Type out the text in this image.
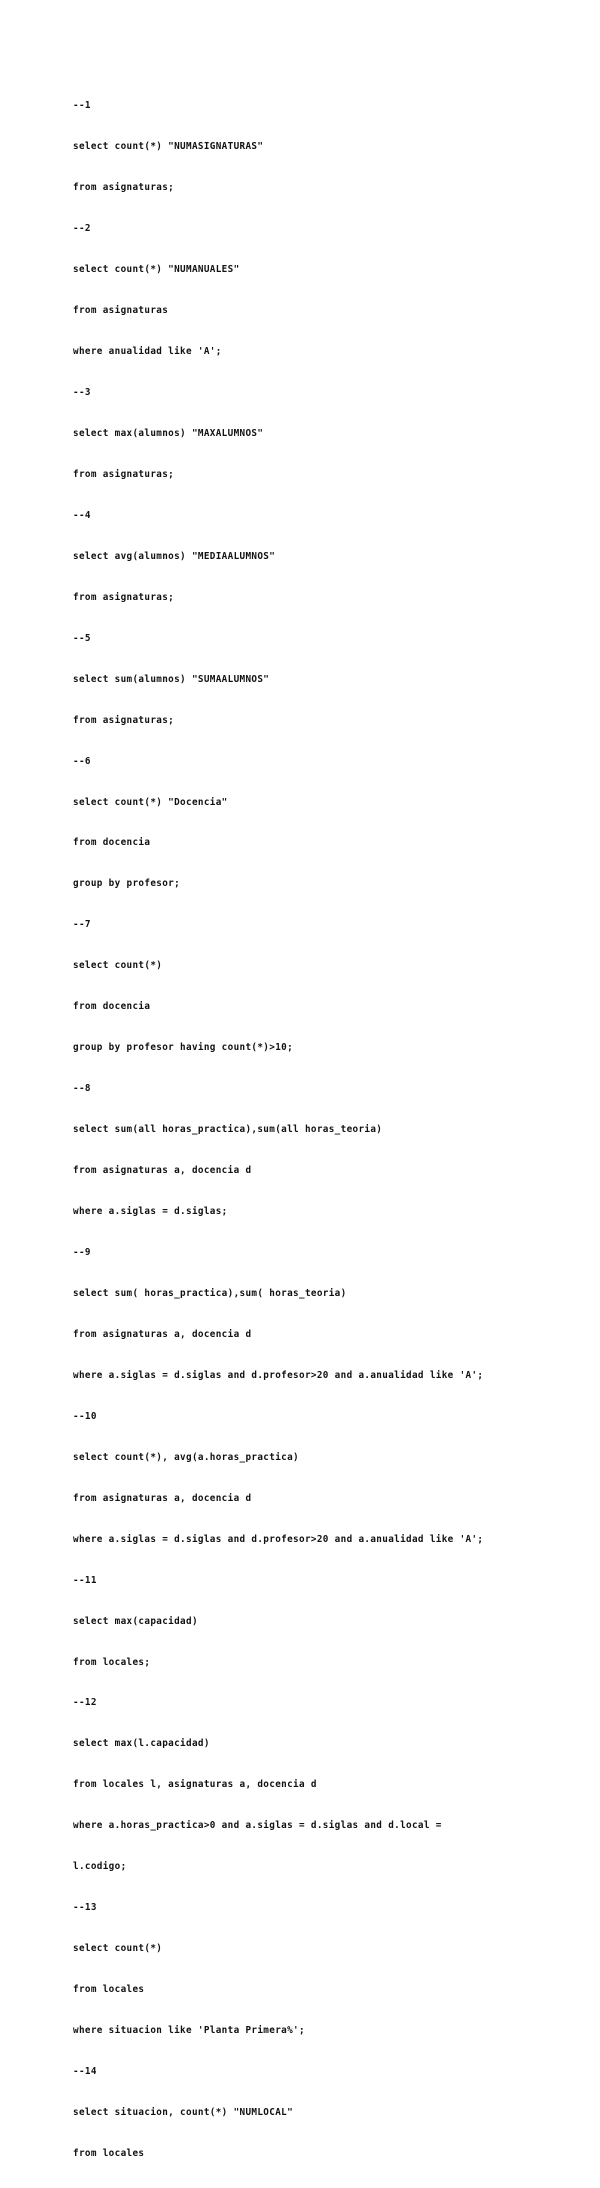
--1

select count(*) "NUMASIGNATURAS"

from asignaturas;

--2

select count(*) "NUMANUALES"

from asignaturas

where anualidad like 'A';

--3

select max(alumnos) "MAXALUMNOS"

from asignaturas;

--4

select avg(alumnos) "MEDIAALUMNOS"

from asignaturas;

--5

select sum(alumnos) "SUMAALUMNOS"

from asignaturas;

--6

select count(*) "Docencia"

from docencia

group by profesor;

--7

select count(*)

from docencia

group by profesor having count(*)>10;

--8

select sum(all horas_practica),sum(all horas_teoria)

from asignaturas a, docencia d

where a.siglas = d.siglas;

--9

select sum( horas_practica),sum( horas_teoria)

from asignaturas a, docencia d

where a.siglas = d.siglas and d.profesor>20 and a.anualidad like 'A';

--10

select count(*), avg(a.horas_practica)

from asignaturas a, docencia d

where a.siglas = d.siglas and d.profesor>20 and a.anualidad like 'A';

--11

select max(capacidad)

from locales;

--12

select max(l.capacidad)

from locales l, asignaturas a, docencia d

where a.horas_practica>0 and a.siglas = d.siglas and d.local =

l.codigo;

--13

select count(*)

from locales

where situacion like 'Planta Primera%';

--14

select situacion, count(*) "NUMLOCAL"

from locales
